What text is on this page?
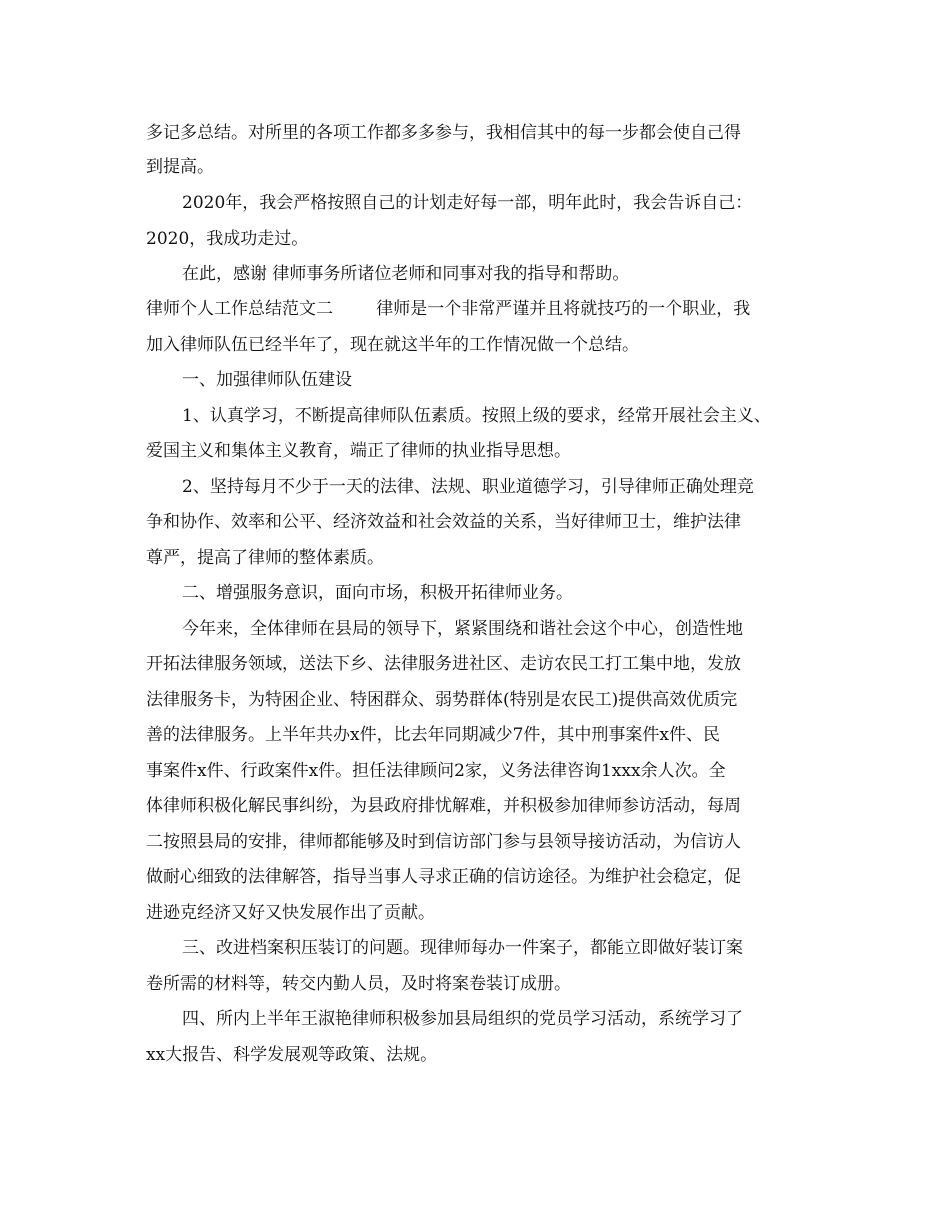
多记多总结。对所里的各项工作都多多参与，我相信其中的每一步都会使自己得
到提高。
2020年，我会严格按照自己的计划走好每一部，明年此时，我会告诉自己：
2020，我成功走过。
在此，感谢 律师事务所诸位老师和同事对我的指导和帮助。
律师个人工作总结范文二        律师是一个非常严谨并且将就技巧的一个职业，我
加入律师队伍已经半年了，现在就这半年的工作情况做一个总结。
一、加强律师队伍建设
1、认真学习，不断提高律师队伍素质。按照上级的要求，经常开展社会主义、
爱国主义和集体主义教育，端正了律师的执业指导思想。
2、坚持每月不少于一天的法律、法规、职业道德学习，引导律师正确处理竞
争和协作、效率和公平、经济效益和社会效益的关系，当好律师卫士，维护法律
尊严，提高了律师的整体素质。
二、增强服务意识，面向市场，积极开拓律师业务。
今年来，全体律师在县局的领导下，紧紧围绕和谐社会这个中心，创造性地
开拓法律服务领域，送法下乡、法律服务进社区、走访农民工打工集中地，发放
法律服务卡，为特困企业、特困群众、弱势群体(特别是农民工)提供高效优质完
善的法律服务。上半年共办x件，比去年同期减少7件，其中刑事案件x件、民
事案件x件、行政案件x件。担任法律顾问2家，义务法律咨询1xxx余人次。全
体律师积极化解民事纠纷，为县政府排忧解难，并积极参加律师参访活动，每周
二按照县局的安排，律师都能够及时到信访部门参与县领导接访活动，为信访人
做耐心细致的法律解答，指导当事人寻求正确的信访途径。为维护社会稳定，促
进逊克经济又好又快发展作出了贡献。
三、改进档案积压装订的问题。现律师每办一件案子，都能立即做好装订案
卷所需的材料等，转交内勤人员，及时将案卷装订成册。
四、所内上半年王淑艳律师积极参加县局组织的党员学习活动，系统学习了
xx大报告、科学发展观等政策、法规。
